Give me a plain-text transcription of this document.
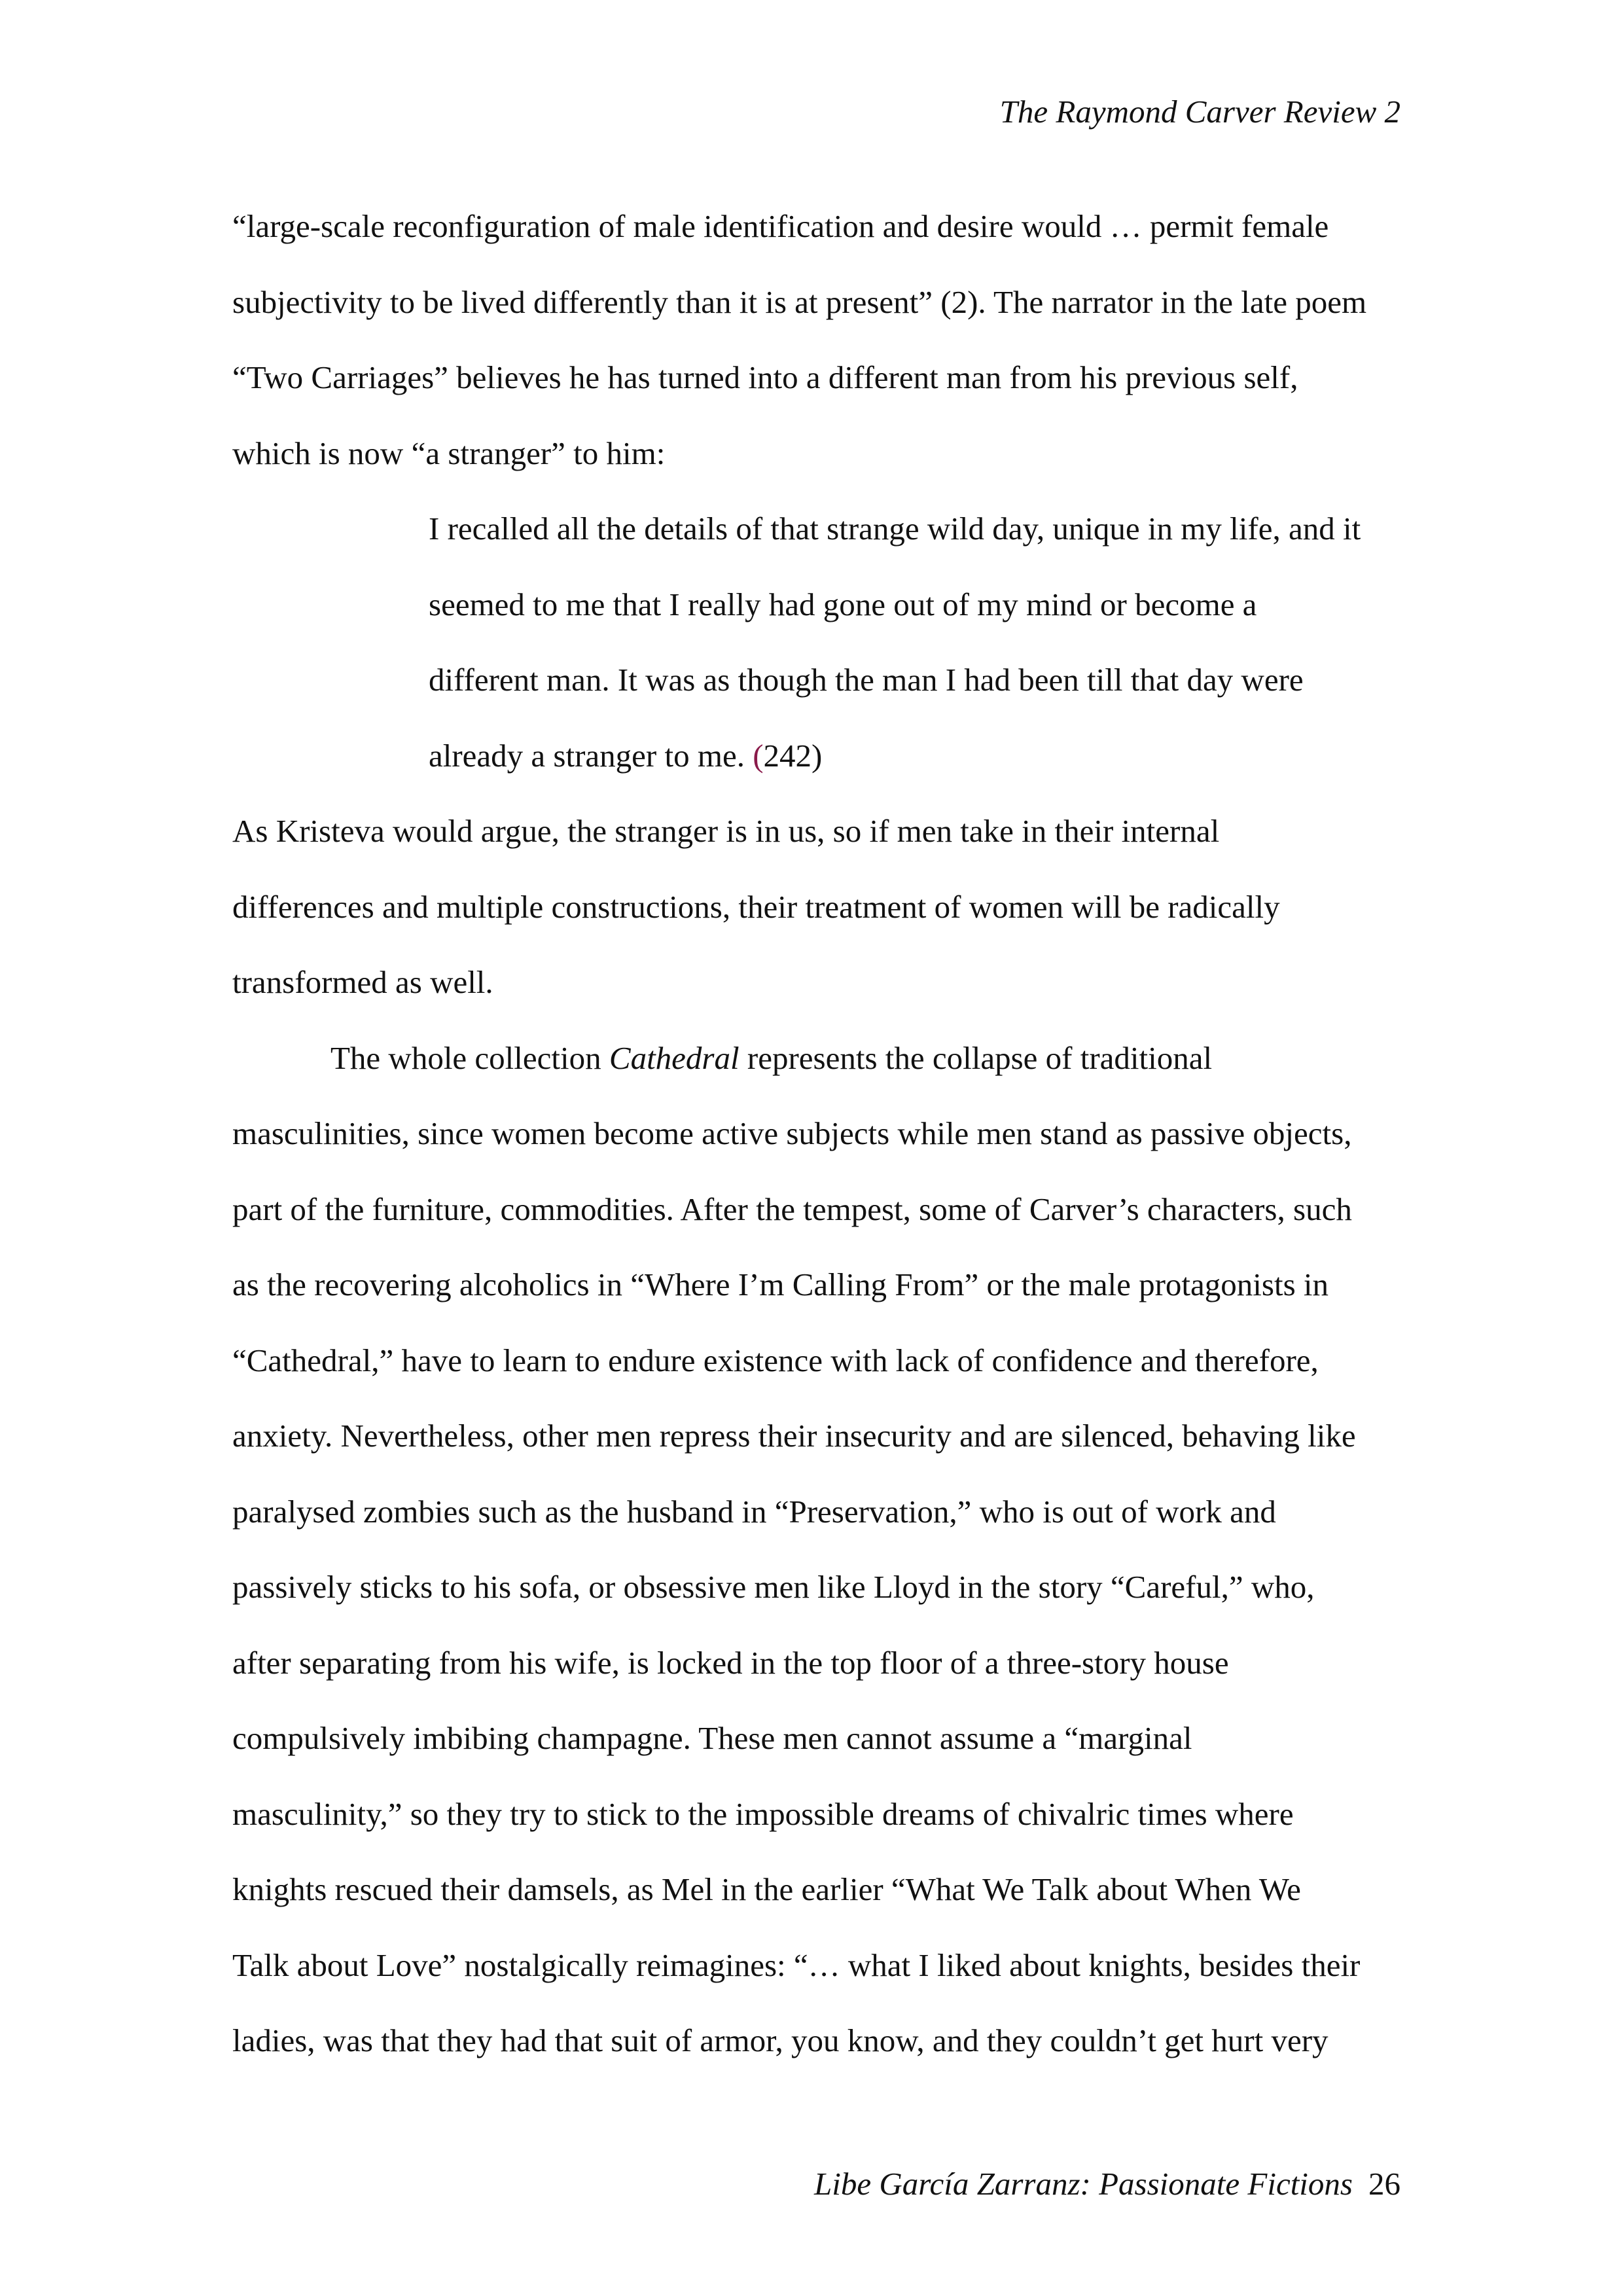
The Raymond Carver Review 2

“large-scale reconfiguration of male identification and desire would … permit female
subjectivity to be lived differently than it is at present” (2). The narrator in the late poem
“Two Carriages” believes he has turned into a different man from his previous self,
which is now “a stranger” to him:

I recalled all the details of that strange wild day, unique in my life, and it
seemed to me that I really had gone out of my mind or become a
different man. It was as though the man I had been till that day were
already a stranger to me. (242)

As Kristeva would argue, the stranger is in us, so if men take in their internal
differences and multiple constructions, their treatment of women will be radically
transformed as well.

The whole collection Cathedral represents the collapse of traditional
masculinities, since women become active subjects while men stand as passive objects,
part of the furniture, commodities. After the tempest, some of Carver’s characters, such
as the recovering alcoholics in “Where I’m Calling From” or the male protagonists in
“Cathedral,” have to learn to endure existence with lack of confidence and therefore,
anxiety. Nevertheless, other men repress their insecurity and are silenced, behaving like
paralysed zombies such as the husband in “Preservation,” who is out of work and
passively sticks to his sofa, or obsessive men like Lloyd in the story “Careful,” who,
after separating from his wife, is locked in the top floor of a three-story house
compulsively imbibing champagne. These men cannot assume a “marginal
masculinity,” so they try to stick to the impossible dreams of chivalric times where
knights rescued their damsels, as Mel in the earlier “What We Talk about When We
Talk about Love” nostalgically reimagines: “… what I liked about knights, besides their
ladies, was that they had that suit of armor, you know, and they couldn’t get hurt very

Libe García Zarranz: Passionate Fictions 26
